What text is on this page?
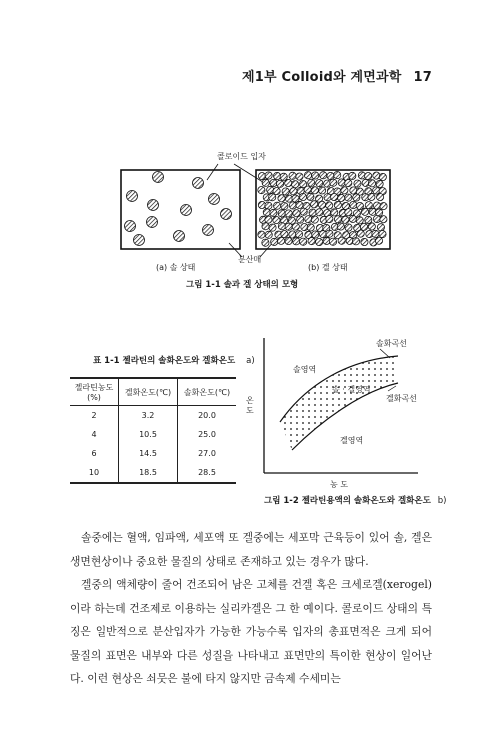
제1부 Colloid와 계면과학 17
콜로이드 입자
분산매
(a) 솔 상태	(b) 겔 상태
그림 1-1 솔과 겔 상태의 모형
표 1-1 젤라틴의 솔화온도와 겔화온도 a)
젤라틴농도(%)	겔화온도(℃)	솔화온도(℃)
2	3.2	20.0
4	10.5	25.0
6	14.5	27.0
10	18.5	28.5
솔영역
솔 · 겔영역
겔영역
솔화곡선
겔화곡선
온 도
농 도
그림 1-2 젤라틴용액의 솔화온도와 겔화온도 b)

솔중에는 혈액, 임파액, 세포액 또 겔중에는 세포막 근육등이 있어 솔, 겔은 생면현상이나 중요한 물질의 상태로 존재하고 있는 경우가 많다.

겔중의 액체량이 줄어 건조되어 남은 고체를 건겔 혹은 크세로겔(xerogel)이라 하는데 건조제로 이용하는 실리카겔은 그 한 예이다. 콜로이드 상태의 특징은 일반적으로 분산입자가 가능한 가능수록 입자의 총표면적은 크게 되어 물질의 표면은 내부와 다른 성질을 나타내고 표면만의 특이한 현상이 일어난다. 이런 현상은 쇠뭇은 불에 타지 않지만 금속제 수세미는
